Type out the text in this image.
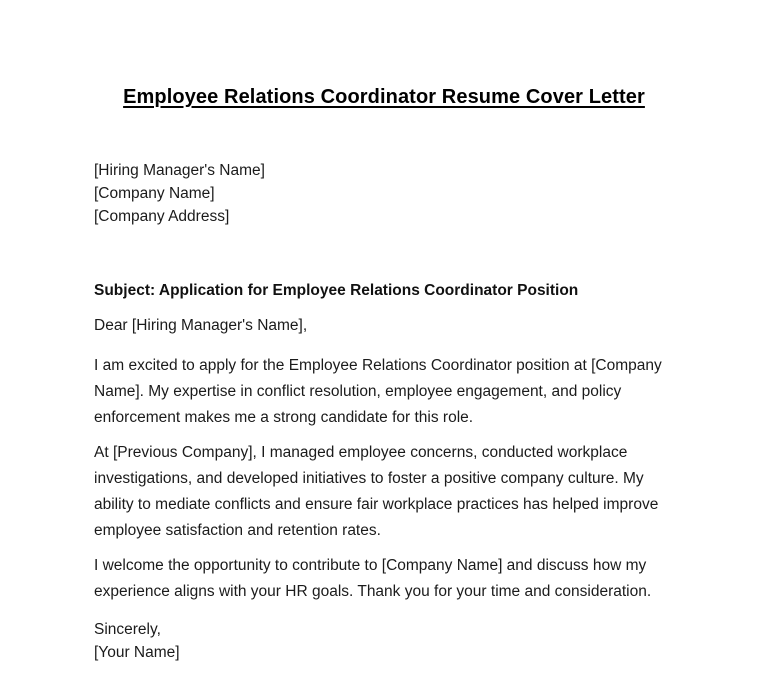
Employee Relations Coordinator Resume Cover Letter
[Hiring Manager's Name]
[Company Name]
[Company Address]

Subject: Application for Employee Relations Coordinator Position

Dear [Hiring Manager's Name],

I am excited to apply for the Employee Relations Coordinator position at [Company
Name]. My expertise in conflict resolution, employee engagement, and policy
enforcement makes me a strong candidate for this role.
At [Previous Company], I managed employee concerns, conducted workplace
investigations, and developed initiatives to foster a positive company culture. My
ability to mediate conflicts and ensure fair workplace practices has helped improve
employee satisfaction and retention rates.
I welcome the opportunity to contribute to [Company Name] and discuss how my
experience aligns with your HR goals. Thank you for your time and consideration.
Sincerely,
[Your Name]
